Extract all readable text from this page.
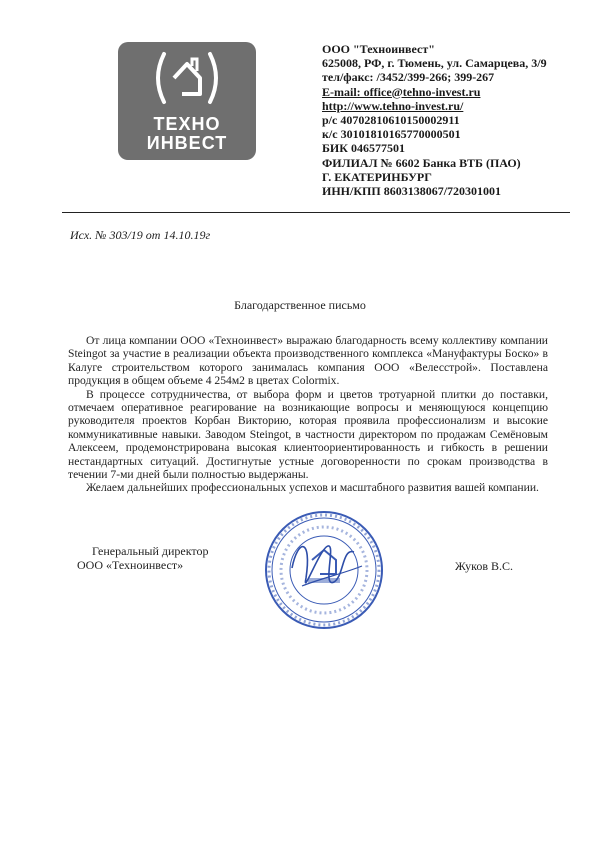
ТЕХНО
ИНВЕСТ
ООО "Техноинвест"
625008, РФ, г. Тюмень, ул. Самарцева, 3/9
тел/факс: /3452/399-266; 399-267
E-mail: office@tehno-invest.ru
http://www.tehno-invest.ru/
р/с 40702810610150002911
к/с 30101810165770000501
БИК 046577501
ФИЛИАЛ № 6602 Банка ВТБ (ПАО)
Г. ЕКАТЕРИНБУРГ
ИНН/КПП 8603138067/720301001
Исх. № 303/19 от 14.10.19г
Благодарственное письмо

От лица компании ООО «Техноинвест» выражаю благодарность всему коллективу компании Steingot за участие в реализации объекта производственного комплекса «Мануфактуры Боско» в Калуге строительством которого занималась компания ООО «Велесстрой». Поставлена продукция в общем объеме 4 254м2 в цветах Colormix.

В процессе сотрудничества, от выбора форм и цветов тротуарной плитки до поставки, отмечаем оперативное реагирование на возникающие вопросы и меняющуюся концепцию руководителя проектов Корбан Викторию, которая проявила профессионализм и высокие коммуникативные навыки. Заводом Steingot, в частности директором по продажам Семёновым Алексеем, продемонстрирована высокая клиентоориентированность и гибкость в решении нестандартных ситуаций. Достигнутые устные договоренности по срокам производства в течении 7-ми дней были полностью выдержаны.

Желаем дальнейших профессиональных успехов и масштабного развития вашей компании.

Генеральный директор
ООО «Техноинвест»	Жуков В.С.
